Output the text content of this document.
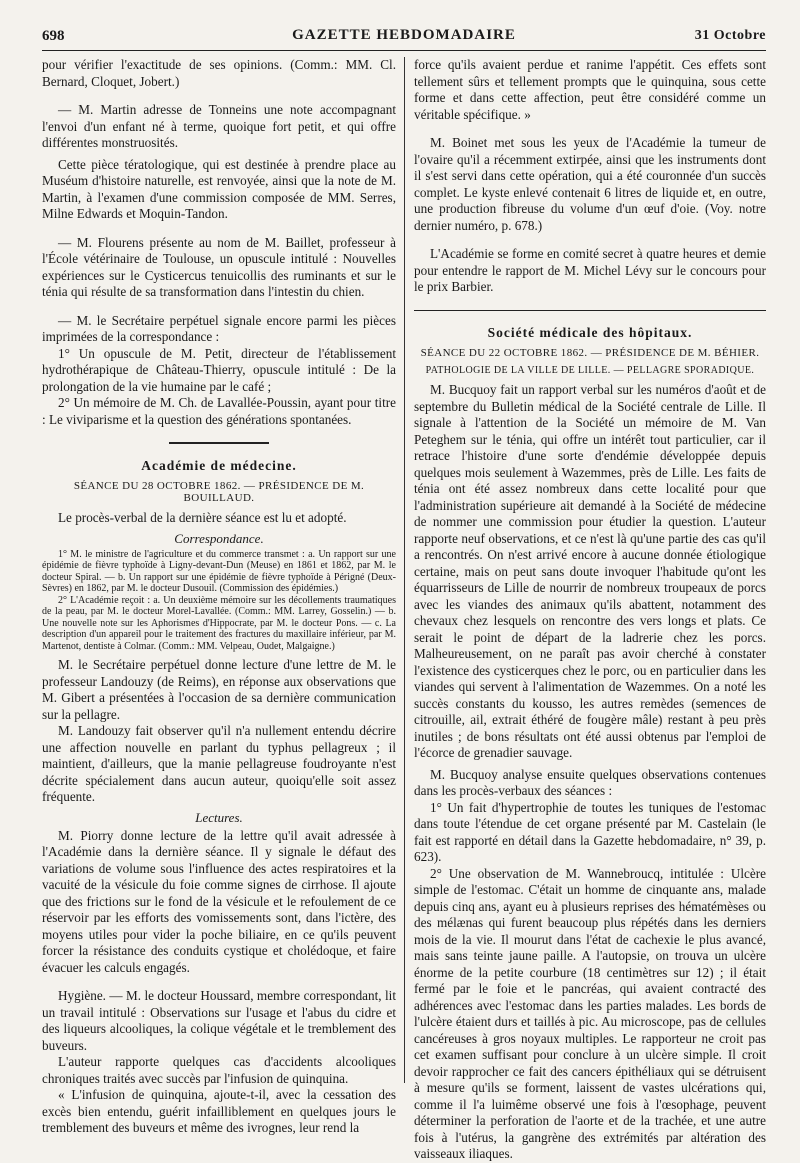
698	GAZETTE HEBDOMADAIRE	31 Octobre

pour vérifier l'exactitude de ses opinions. (Comm.: MM. Cl. Bernard, Cloquet, Jobert.)

— M. Martin adresse de Tonneins une note accompagnant l'envoi d'un enfant né à terme, quoique fort petit, et qui offre différentes monstruosités.

Cette pièce tératologique, qui est destinée à prendre place au Muséum d'histoire naturelle, est renvoyée, ainsi que la note de M. Martin, à l'examen d'une commission composée de MM. Serres, Milne Edwards et Moquin-Tandon.

— M. Flourens présente au nom de M. Baillet, professeur à l'École vétérinaire de Toulouse, un opuscule intitulé : Nouvelles expériences sur le Cysticercus tenuicollis des ruminants et sur le ténia qui résulte de sa transformation dans l'intestin du chien.

— M. le Secrétaire perpétuel signale encore parmi les pièces imprimées de la correspondance :

1° Un opuscule de M. Petit, directeur de l'établissement hydrothérapique de Château-Thierry, opuscule intitulé : De la prolongation de la vie humaine par le café ;

2° Un mémoire de M. Ch. de Lavallée-Poussin, ayant pour titre : Le viviparisme et la question des générations spontanées.

Académie de médecine.
SÉANCE DU 28 OCTOBRE 1862. — PRÉSIDENCE DE M. BOUILLAUD.

Le procès-verbal de la dernière séance est lu et adopté.

Correspondance.

1° M. le ministre de l'agriculture et du commerce transmet : a. Un rapport sur une épidémie de fièvre typhoïde à Ligny-devant-Dun (Meuse) en 1861 et 1862, par M. le docteur Spiral. — b. Un rapport sur une épidémie de fièvre typhoïde à Périgné (Deux-Sèvres) en 1862, par M. le docteur Dusouil. (Commission des épidémies.)

2° L'Académie reçoit : a. Un deuxième mémoire sur les décollements traumatiques de la peau, par M. le docteur Morel-Lavallée. (Comm.: MM. Larrey, Gosselin.) — b. Une nouvelle note sur les Aphorismes d'Hippocrate, par M. le docteur Pons. — c. La description d'un appareil pour le traitement des fractures du maxillaire inférieur, par M. Martenot, dentiste à Colmar. (Comm.: MM. Velpeau, Oudet, Malgaigne.)

M. le Secrétaire perpétuel donne lecture d'une lettre de M. le professeur Landouzy (de Reims), en réponse aux observations que M. Gibert a présentées à l'occasion de sa dernière communication sur la pellagre.

M. Landouzy fait observer qu'il n'a nullement entendu décrire une affection nouvelle en parlant du typhus pellagreux ; il maintient, d'ailleurs, que la manie pellagreuse foudroyante n'est décrite spécialement dans aucun auteur, quoiqu'elle soit assez fréquente.

Lectures.

M. Piorry donne lecture de la lettre qu'il avait adressée à l'Académie dans la dernière séance. Il y signale le défaut des variations de volume sous l'influence des actes respiratoires et la vacuité de la vésicule du foie comme signes de cirrhose. Il ajoute que des frictions sur le fond de la vésicule et le refoulement de ce réservoir par les efforts des vomissements sont, dans l'ictère, des moyens utiles pour vider la poche biliaire, en ce qu'ils peuvent forcer la résistance des conduits cystique et cholédoque, et faire évacuer les calculs engagés.

Hygiène. — M. le docteur Houssard, membre correspondant, lit un travail intitulé : Observations sur l'usage et l'abus du cidre et des liqueurs alcooliques, la colique végétale et le tremblement des buveurs.

L'auteur rapporte quelques cas d'accidents alcooliques chroniques traités avec succès par l'infusion de quinquina.

« L'infusion de quinquina, ajoute-t-il, avec la cessation des excès bien entendu, guérit infailliblement en quelques jours le tremblement des buveurs et même des ivrognes, leur rend la

force qu'ils avaient perdue et ranime l'appétit. Ces effets sont tellement sûrs et tellement prompts que le quinquina, sous cette forme et dans cette affection, peut être considéré comme un véritable spécifique. »

M. Boinet met sous les yeux de l'Académie la tumeur de l'ovaire qu'il a récemment extirpée, ainsi que les instruments dont il s'est servi dans cette opération, qui a été couronnée d'un succès complet. Le kyste enlevé contenait 6 litres de liquide et, en outre, une production fibreuse du volume d'un œuf d'oie. (Voy. notre dernier numéro, p. 678.)

L'Académie se forme en comité secret à quatre heures et demie pour entendre le rapport de M. Michel Lévy sur le concours pour le prix Barbier.

Société médicale des hôpitaux.
SÉANCE DU 22 OCTOBRE 1862. — PRÉSIDENCE DE M. BÉHIER.
PATHOLOGIE DE LA VILLE DE LILLE. — PELLAGRE SPORADIQUE.

M. Bucquoy fait un rapport verbal sur les numéros d'août et de septembre du Bulletin médical de la Société centrale de Lille. Il signale à l'attention de la Société un mémoire de M. Van Peteghem sur le ténia, qui offre un intérêt tout particulier, car il retrace l'histoire d'une sorte d'endémie développée depuis quelques mois seulement à Wazemmes, près de Lille. Les faits de ténia ont été assez nombreux dans cette localité pour que l'administration supérieure ait demandé à la Société de médecine de nommer une commission pour étudier la question. L'auteur rapporte neuf observations, et ce n'est là qu'une partie des cas qu'il a rencontrés. On n'est arrivé encore à aucune donnée étiologique certaine, mais on peut sans doute invoquer l'habitude qu'ont les équarrisseurs de Lille de nourrir de nombreux troupeaux de porcs avec les viandes des animaux qu'ils abattent, notamment des chevaux chez lesquels on rencontre des vers longs et plats. Ce serait le point de départ de la ladrerie chez les porcs. Malheureusement, on ne paraît pas avoir cherché à constater l'existence des cysticerques chez le porc, ou en particulier dans les viandes qui servent à l'alimentation de Wazemmes. On a noté les succès constants du kousso, les autres remèdes (semences de citrouille, ail, extrait éthéré de fougère mâle) restant à peu près inutiles ; de bons résultats ont été aussi obtenus par l'emploi de l'écorce de grenadier sauvage.

M. Bucquoy analyse ensuite quelques observations contenues dans les procès-verbaux des séances :

1° Un fait d'hypertrophie de toutes les tuniques de l'estomac dans toute l'étendue de cet organe présenté par M. Castelain (le fait est rapporté en détail dans la Gazette hebdomadaire, n° 39, p. 623).

2° Une observation de M. Wannebroucq, intitulée : Ulcère simple de l'estomac. C'était un homme de cinquante ans, malade depuis cinq ans, ayant eu à plusieurs reprises des hématémèses ou des mélænas qui furent beaucoup plus répétés dans les derniers mois de la vie. Il mourut dans l'état de cachexie le plus avancé, mais sans teinte jaune paille. A l'autopsie, on trouva un ulcère énorme de la petite courbure (18 centimètres sur 12) ; il était fermé par le foie et le pancréas, qui avaient contracté des adhérences avec l'estomac dans les parties malades. Les bords de l'ulcère étaient durs et taillés à pic. Au microscope, pas de cellules cancéreuses à gros noyaux multiples. Le rapporteur ne croit pas cet examen suffisant pour conclure à un ulcère simple. Il croit devoir rapprocher ce fait des cancers épithéliaux qui se détruisent à mesure qu'ils se forment, laissent de vastes ulcérations qui, comme il l'a luimême observé une fois à l'œsophage, peuvent déterminer la perforation de l'aorte et de la trachée, et une autre fois à l'utérus, la gangrène des extrémités par altération des vaisseaux iliaques.
